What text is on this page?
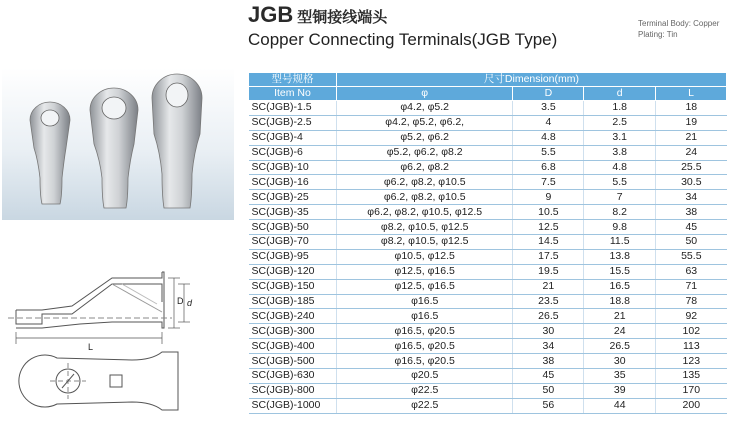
JGB 型铜接线端头
Copper Connecting Terminals(JGB Type)
Terminal Body: Copper
Plating: Tin
D d
L
型号规格	尺寸Dimension(mm)			
Item No	φ	D	d	L
SC(JGB)-1.5	φ4.2, φ5.2	3.5	1.8	18
SC(JGB)-2.5	φ4.2, φ5.2, φ6.2,	4	2.5	19
SC(JGB)-4	φ5.2, φ6.2	4.8	3.1	21
SC(JGB)-6	φ5.2, φ6.2, φ8.2	5.5	3.8	24
SC(JGB)-10	φ6.2, φ8.2	6.8	4.8	25.5
SC(JGB)-16	φ6.2, φ8.2, φ10.5	7.5	5.5	30.5
SC(JGB)-25	φ6.2, φ8.2, φ10.5	9	7	34
SC(JGB)-35	φ6.2, φ8.2, φ10.5, φ12.5	10.5	8.2	38
SC(JGB)-50	φ8.2, φ10.5, φ12.5	12.5	9.8	45
SC(JGB)-70	φ8.2, φ10.5, φ12.5	14.5	11.5	50
SC(JGB)-95	φ10.5, φ12.5	17.5	13.8	55.5
SC(JGB)-120	φ12.5, φ16.5	19.5	15.5	63
SC(JGB)-150	φ12.5, φ16.5	21	16.5	71
SC(JGB)-185	φ16.5	23.5	18.8	78
SC(JGB)-240	φ16.5	26.5	21	92
SC(JGB)-300	φ16.5, φ20.5	30	24	102
SC(JGB)-400	φ16.5, φ20.5	34	26.5	113
SC(JGB)-500	φ16.5, φ20.5	38	30	123
SC(JGB)-630	φ20.5	45	35	135
SC(JGB)-800	φ22.5	50	39	170
SC(JGB)-1000	φ22.5	56	44	200
